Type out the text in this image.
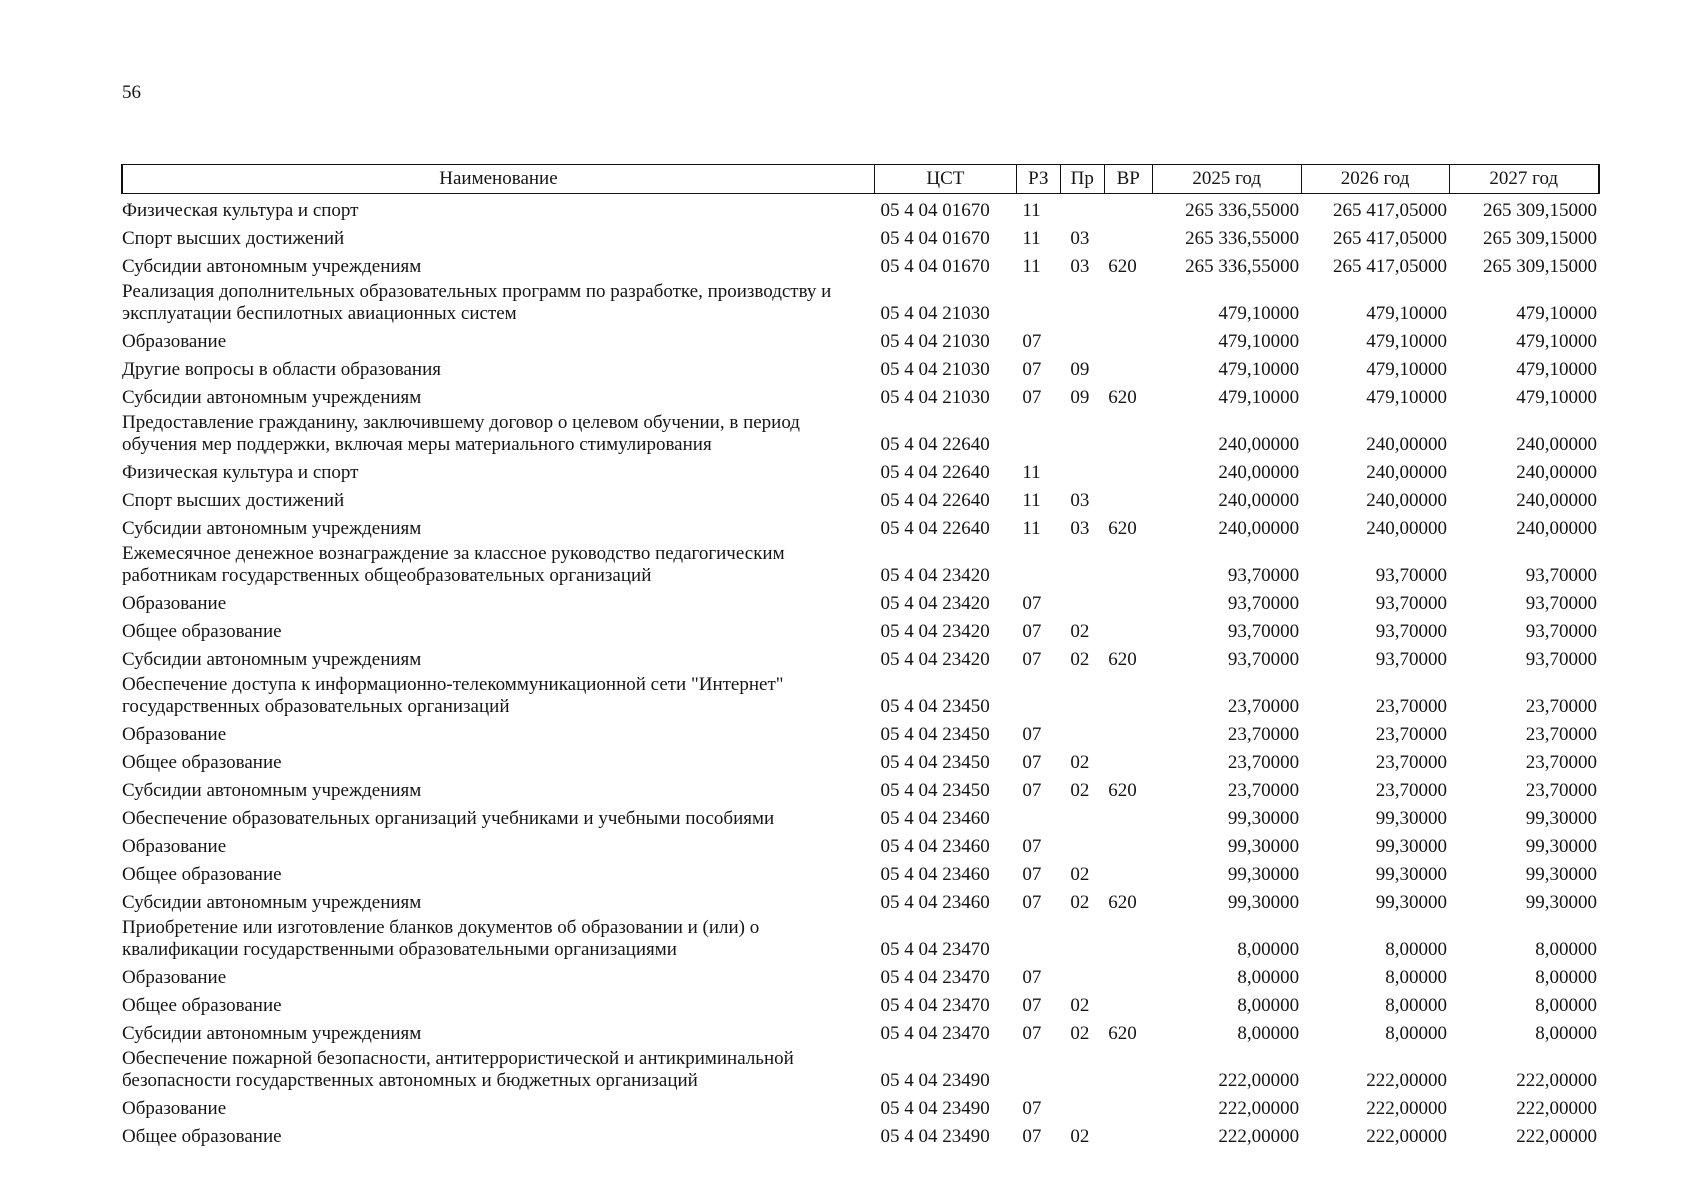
56
Наименование	ЦСТ	РЗ	Пр	ВР	2025 год	2026 год	2027 год
Физическая культура и спорт	05 4 04 01670	11			265 336,55000	265 417,05000	265 309,15000
Спорт высших достижений	05 4 04 01670	11	03		265 336,55000	265 417,05000	265 309,15000
Субсидии автономным учреждениям	05 4 04 01670	11	03	620	265 336,55000	265 417,05000	265 309,15000
Реализация дополнительных образовательных программ по разработке, производству и эксплуатации беспилотных авиационных систем	05 4 04 21030				479,10000	479,10000	479,10000
Образование	05 4 04 21030	07			479,10000	479,10000	479,10000
Другие вопросы в области образования	05 4 04 21030	07	09		479,10000	479,10000	479,10000
Субсидии автономным учреждениям	05 4 04 21030	07	09	620	479,10000	479,10000	479,10000
Предоставление гражданину, заключившему договор о целевом обучении, в период обучения мер поддержки, включая меры материального стимулирования	05 4 04 22640				240,00000	240,00000	240,00000
Физическая культура и спорт	05 4 04 22640	11			240,00000	240,00000	240,00000
Спорт высших достижений	05 4 04 22640	11	03		240,00000	240,00000	240,00000
Субсидии автономным учреждениям	05 4 04 22640	11	03	620	240,00000	240,00000	240,00000
Ежемесячное денежное вознаграждение за классное руководство педагогическим работникам государственных общеобразовательных организаций	05 4 04 23420				93,70000	93,70000	93,70000
Образование	05 4 04 23420	07			93,70000	93,70000	93,70000
Общее образование	05 4 04 23420	07	02		93,70000	93,70000	93,70000
Субсидии автономным учреждениям	05 4 04 23420	07	02	620	93,70000	93,70000	93,70000
Обеспечение доступа к информационно-телекоммуникационной сети "Интернет" государственных образовательных организаций	05 4 04 23450				23,70000	23,70000	23,70000
Образование	05 4 04 23450	07			23,70000	23,70000	23,70000
Общее образование	05 4 04 23450	07	02		23,70000	23,70000	23,70000
Субсидии автономным учреждениям	05 4 04 23450	07	02	620	23,70000	23,70000	23,70000
Обеспечение образовательных организаций учебниками и учебными пособиями	05 4 04 23460				99,30000	99,30000	99,30000
Образование	05 4 04 23460	07			99,30000	99,30000	99,30000
Общее образование	05 4 04 23460	07	02		99,30000	99,30000	99,30000
Субсидии автономным учреждениям	05 4 04 23460	07	02	620	99,30000	99,30000	99,30000
Приобретение или изготовление бланков документов об образовании и (или) о квалификации государственными образовательными организациями	05 4 04 23470				8,00000	8,00000	8,00000
Образование	05 4 04 23470	07			8,00000	8,00000	8,00000
Общее образование	05 4 04 23470	07	02		8,00000	8,00000	8,00000
Субсидии автономным учреждениям	05 4 04 23470	07	02	620	8,00000	8,00000	8,00000
Обеспечение пожарной безопасности, антитеррористической и антикриминальной безопасности государственных автономных и бюджетных организаций	05 4 04 23490				222,00000	222,00000	222,00000
Образование	05 4 04 23490	07			222,00000	222,00000	222,00000
Общее образование	05 4 04 23490	07	02		222,00000	222,00000	222,00000
